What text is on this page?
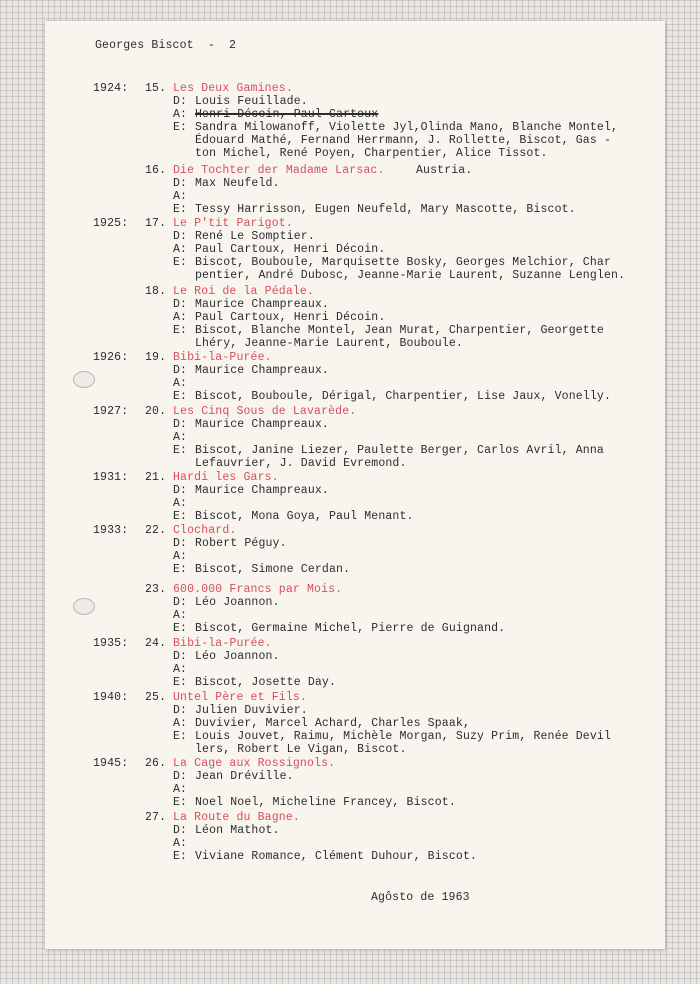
Georges Biscot  -  2
1924: 15. Les Deux Gamines.
D: Louis Feuillade.
A: Henri Décoin, Paul Cartoux
E: Sandra Milowanoff, Violette Jyl,Olinda Mano, Blanche Montel,
Édouard Mathé, Fernand Herrmann, J. Rollette, Biscot, Gas -
ton Michel, René Poyen, Charpentier, Alice Tissot.
16. Die Tochter der Madame Larsac.	Austria.
D: Max Neufeld.
A:
E: Tessy Harrisson, Eugen Neufeld, Mary Mascotte, Biscot.
1925: 17. Le P'tit Parigot.
D: René Le Somptier.
A: Paul Cartoux, Henri Décoin.
E: Biscot, Bouboule, Marquisette Bosky, Georges Melchior, Char
pentier, André Dubosc, Jeanne-Marie Laurent, Suzanne Lenglen.
18. Le Roi de la Pédale.
D: Maurice Champreaux.
A: Paul Cartoux, Henri Décoin.
E: Biscot, Blanche Montel, Jean Murat, Charpentier, Georgette
Lhéry, Jeanne-Marie Laurent, Bouboule.
1926: 19. Bibi-la-Purée.
D: Maurice Champreaux.
A:
E: Biscot, Bouboule, Dérigal, Charpentier, Lise Jaux, Vonelly.
1927: 20. Les Cinq Sous de Lavarède.
D: Maurice Champreaux.
A:
E: Biscot, Janine Liezer, Paulette Berger, Carlos Avril, Anna
Lefauvrier, J. David Evremond.
1931: 21. Hardi les Gars.
D: Maurice Champreaux.
A:
E: Biscot, Mona Goya, Paul Menant.
1933: 22. Clochard.
D: Robert Péguy.
A:
E: Biscot, Simone Cerdan.
23. 600.000 Francs par Mois.
D: Léo Joannon.
A:
E: Biscot, Germaine Michel, Pierre de Guignand.
1935: 24. Bibi-la-Purée.
D: Léo Joannon.
A:
E: Biscot, Josette Day.
1940: 25. Untel Père et Fils.
D: Julien Duvivier.
A: Duvivier, Marcel Achard, Charles Spaak,
E: Louis Jouvet, Raimu, Michèle Morgan, Suzy Prim, Renée Devil
lers, Robert Le Vigan, Biscot.
1945: 26. La Cage aux Rossignols.
D: Jean Dréville.
A:
E: Noel Noel, Micheline Francey, Biscot.
27. La Route du Bagne.
D: Léon Mathot.
A:
E: Viviane Romance, Clément Duhour, Biscot.
Agôsto de 1963
